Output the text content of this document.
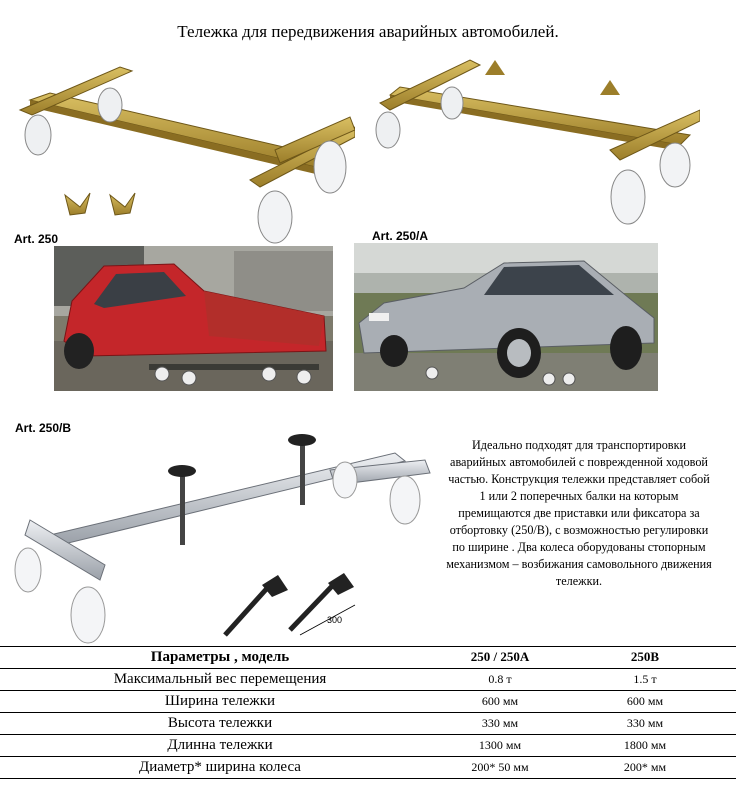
Тележка для передвижения аварийных автомобилей.
Art. 250	Art. 250/A
Art. 250/B
300
Идеально подходят для транспортировки аварийных автомобилей с поврежденной ходовой частью. Конструкция тележки представляет собой 1 или 2 поперечных балки на которым премищаются две приставки или фиксатора за отбортовку (250/B), с возможностью регулировки по ширине . Два колеса оборудованы стопорным механизмом – возбижания самовольного движения тележки.
Параметры , модель	250 / 250A	250B
Максимальный вес перемещения	0.8 т	1.5 т
Ширина тележки	600 мм	600 мм
Высота тележки	330 мм	330 мм
Длинна тележки	1300 мм	1800 мм
Диаметр* ширина колеса	200* 50 мм	200* мм
